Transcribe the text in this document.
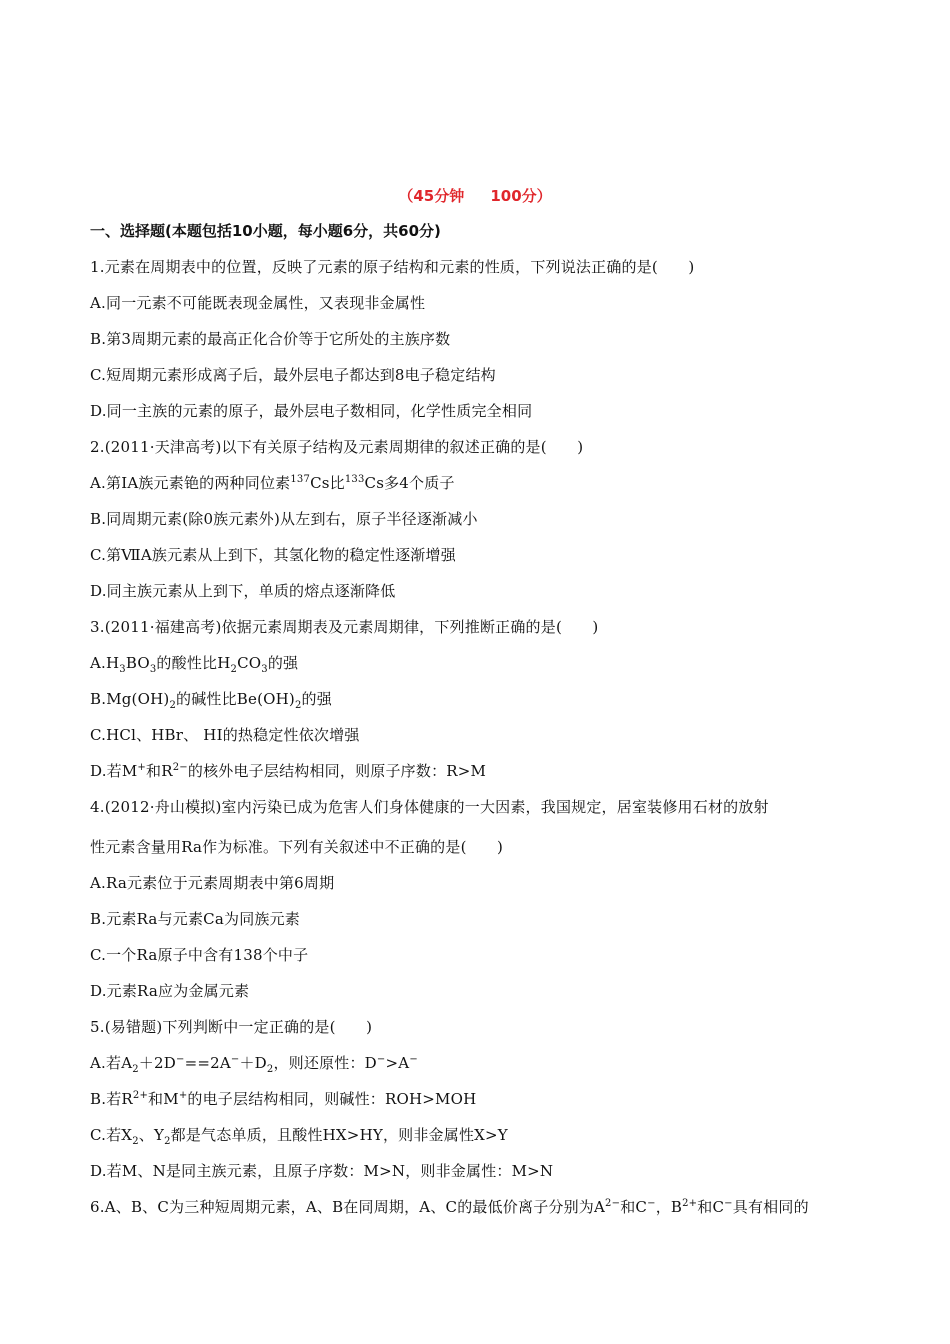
（45分钟     100分）
一、选择题(本题包括10小题，每小题6分，共60分)
1.元素在周期表中的位置，反映了元素的原子结构和元素的性质，下列说法正确的是(　　)
A.同一元素不可能既表现金属性，又表现非金属性
B.第3周期元素的最高正化合价等于它所处的主族序数
C.短周期元素形成离子后，最外层电子都达到8电子稳定结构
D.同一主族的元素的原子，最外层电子数相同，化学性质完全相同
2.(2011·天津高考)以下有关原子结构及元素周期律的叙述正确的是(　　)
A.第ⅠA族元素铯的两种同位素$^{137}$Cs比$^{133}$Cs多4个质子
B.同周期元素(除0族元素外)从左到右，原子半径逐渐减小
C.第ⅦA族元素从上到下，其氢化物的稳定性逐渐增强
D.同主族元素从上到下，单质的熔点逐渐降低
3.(2011·福建高考)依据元素周期表及元素周期律，下列推断正确的是(　　)
$A.H_3BO_3$的酸性比$H_2CO_3$的强
$B.Mg(OH)_2$的碱性比$Be(OH)_2$的强
C.HCl、HBr、 HI的热稳定性依次增强
D.若M+和$R^{2-}$的核外电子层结构相同，则原子序数：R>M
4.(2012·舟山模拟)室内污染已成为危害人们身体健康的一大因素，我国规定，居室装修用石材的放射
性元素含量用Ra作为标准。下列有关叙述中不正确的是(　　)
A.Ra元素位于元素周期表中第6周期
B.元素Ra与元素Ca为同族元素
C.一个Ra原子中含有138个中子
D.元素Ra应为金属元素
5.(易错题)下列判断中一定正确的是(　　)
A.若$A_2+2D^-==2A^-+D_2$，则还原性：D−>A−
B.若$R^{2+}$和M+的电子层结构相同，则碱性：ROH>MOH
C.若$X_2$、$Y_2$都是气态单质，且酸性HX>HY，则非金属性X>Y
D.若M、N是同主族元素，且原子序数：M>N，则非金属性：M>N
6.A、B、C为三种短周期元素，A、B在同周期，A、C的最低价离子分别为$A^{2-}$和C−，$B^{2+}$和C−具有相同的
